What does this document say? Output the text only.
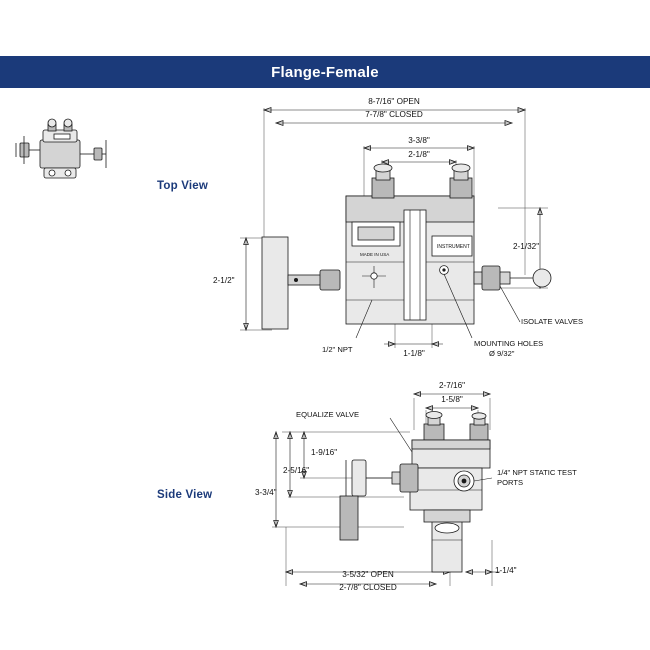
Flange-Female
Top View
Side View
8-7/16" OPEN
7-7/8" CLOSED
3-3/8"
2-1/8"
2-1/32"
2-1/2"
1-1/8"
1/2" NPT
MOUNTING HOLES
Ø 9/32"
ISOLATE VALVES
INSTRUMENT
MADE IN USA
2-7/16"
1-5/8"
1-9/16"
2-5/16"
3-3/4"
3-5/32" OPEN
2-7/8" CLOSED
1-1/4"
EQUALIZE VALVE
1/4" NPT STATIC TEST
PORTS
